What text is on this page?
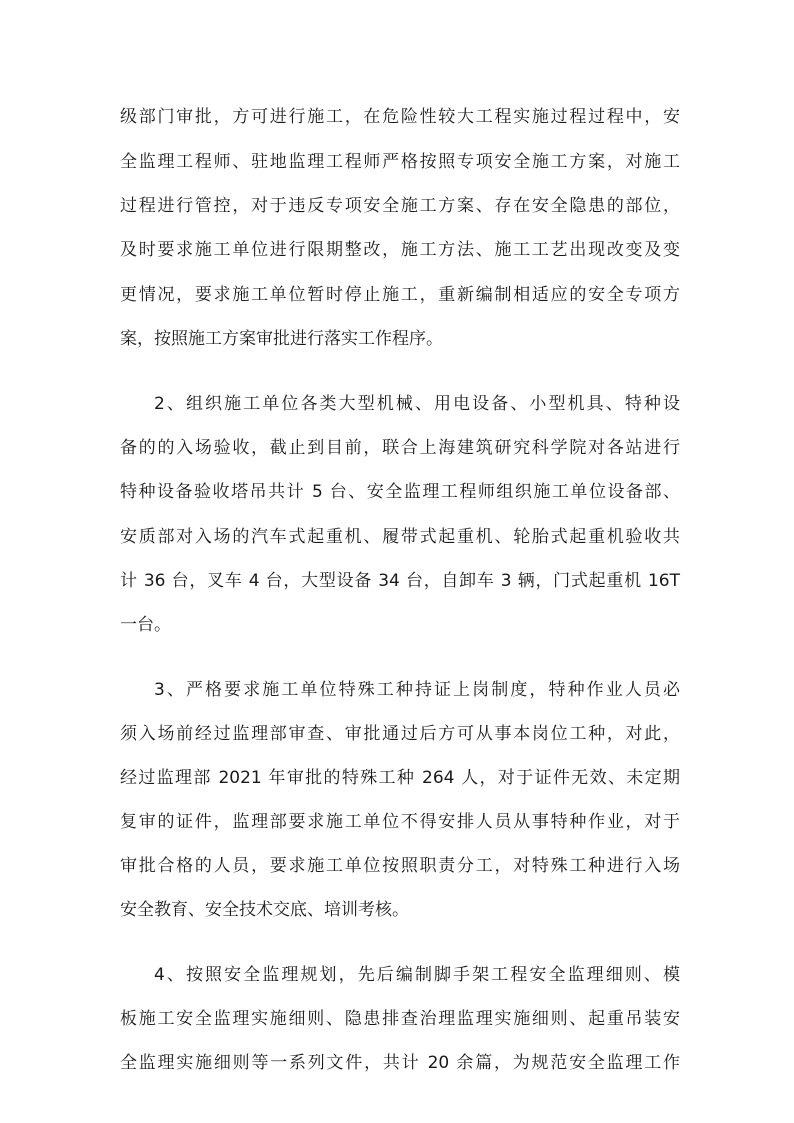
级部门审批，方可进行施工，在危险性较大工程实施过程过程中，安
全监理工程师、驻地监理工程师严格按照专项安全施工方案，对施工
过程进行管控，对于违反专项安全施工方案、存在安全隐患的部位，
及时要求施工单位进行限期整改，施工方法、施工工艺出现改变及变
更情况，要求施工单位暂时停止施工，重新编制相适应的安全专项方
案，按照施工方案审批进行落实工作程序。
2、组织施工单位各类大型机械、用电设备、小型机具、特种设
备的的入场验收，截止到目前，联合上海建筑研究科学院对各站进行
特种设备验收塔吊共计 5 台、安全监理工程师组织施工单位设备部、
安质部对入场的汽车式起重机、履带式起重机、轮胎式起重机验收共
计 36 台，叉车 4 台，大型设备 34 台，自卸车 3 辆，门式起重机 16T
一台。
3、严格要求施工单位特殊工种持证上岗制度，特种作业人员必
须入场前经过监理部审查、审批通过后方可从事本岗位工种，对此，
经过监理部 2021 年审批的特殊工种 264 人，对于证件无效、未定期
复审的证件，监理部要求施工单位不得安排人员从事特种作业，对于
审批合格的人员，要求施工单位按照职责分工，对特殊工种进行入场
安全教育、安全技术交底、培训考核。
4、按照安全监理规划，先后编制脚手架工程安全监理细则、模
板施工安全监理实施细则、隐患排查治理监理实施细则、起重吊装安
全监理实施细则等一系列文件，共计 20 余篇，为规范安全监理工作
